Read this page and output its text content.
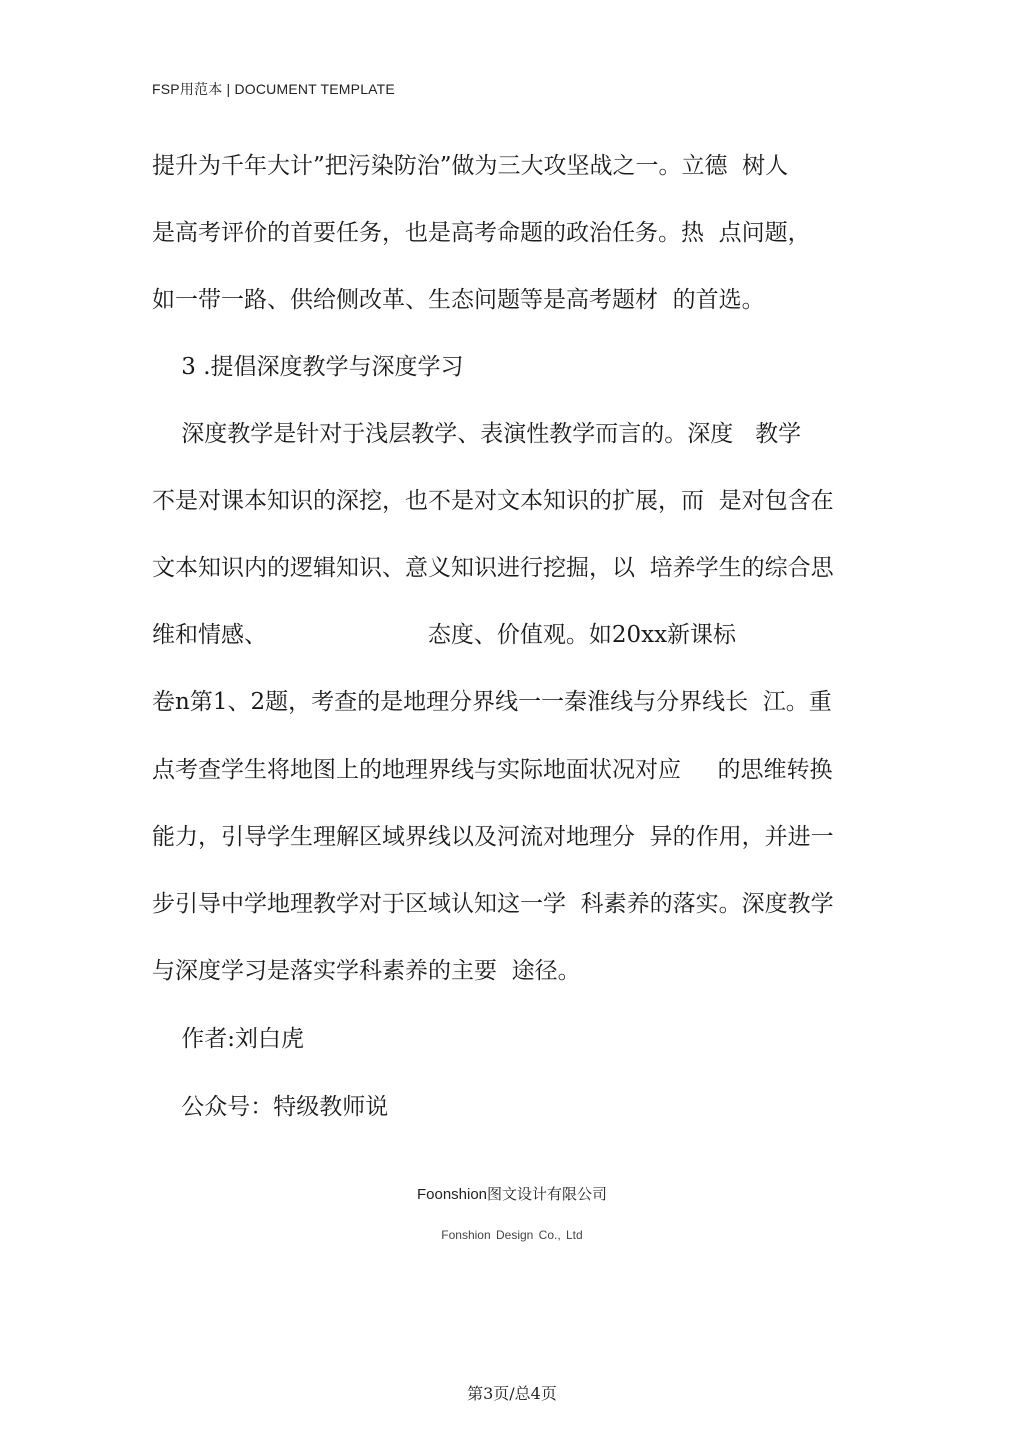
FSP用范本 | DOCUMENT TEMPLATE
提升为千年大计”把污染防治”做为三大攻坚战之一。立德  树人
是高考评价的首要任务，也是高考命题的政治任务。热  点问题，
如一带一路、供给侧改革、生态问题等是高考题材  的首选。
3 .提倡深度教学与深度学习
深度教学是针对于浅层教学、表演性教学而言的。深度   教学
不是对课本知识的深挖，也不是对文本知识的扩展，而  是对包含在
文本知识内的逻辑知识、意义知识进行挖掘，以  培养学生的综合思
维和情感、                      态度、价值观。如20xx新课标
卷n第1、2题，考查的是地理分界线一一秦淮线与分界线长  江。重
点考查学生将地图上的地理界线与实际地面状况对应     的思维转换
能力，引导学生理解区域界线以及河流对地理分  异的作用，并进一
步引导中学地理教学对于区域认知这一学  科素养的落实。深度教学
与深度学习是落实学科素养的主要  途径。
作者:刘白虎
公众号：特级教师说
Foonshion图文设计有限公司
Fonshion Design Co., Ltd
第3页/总4页
